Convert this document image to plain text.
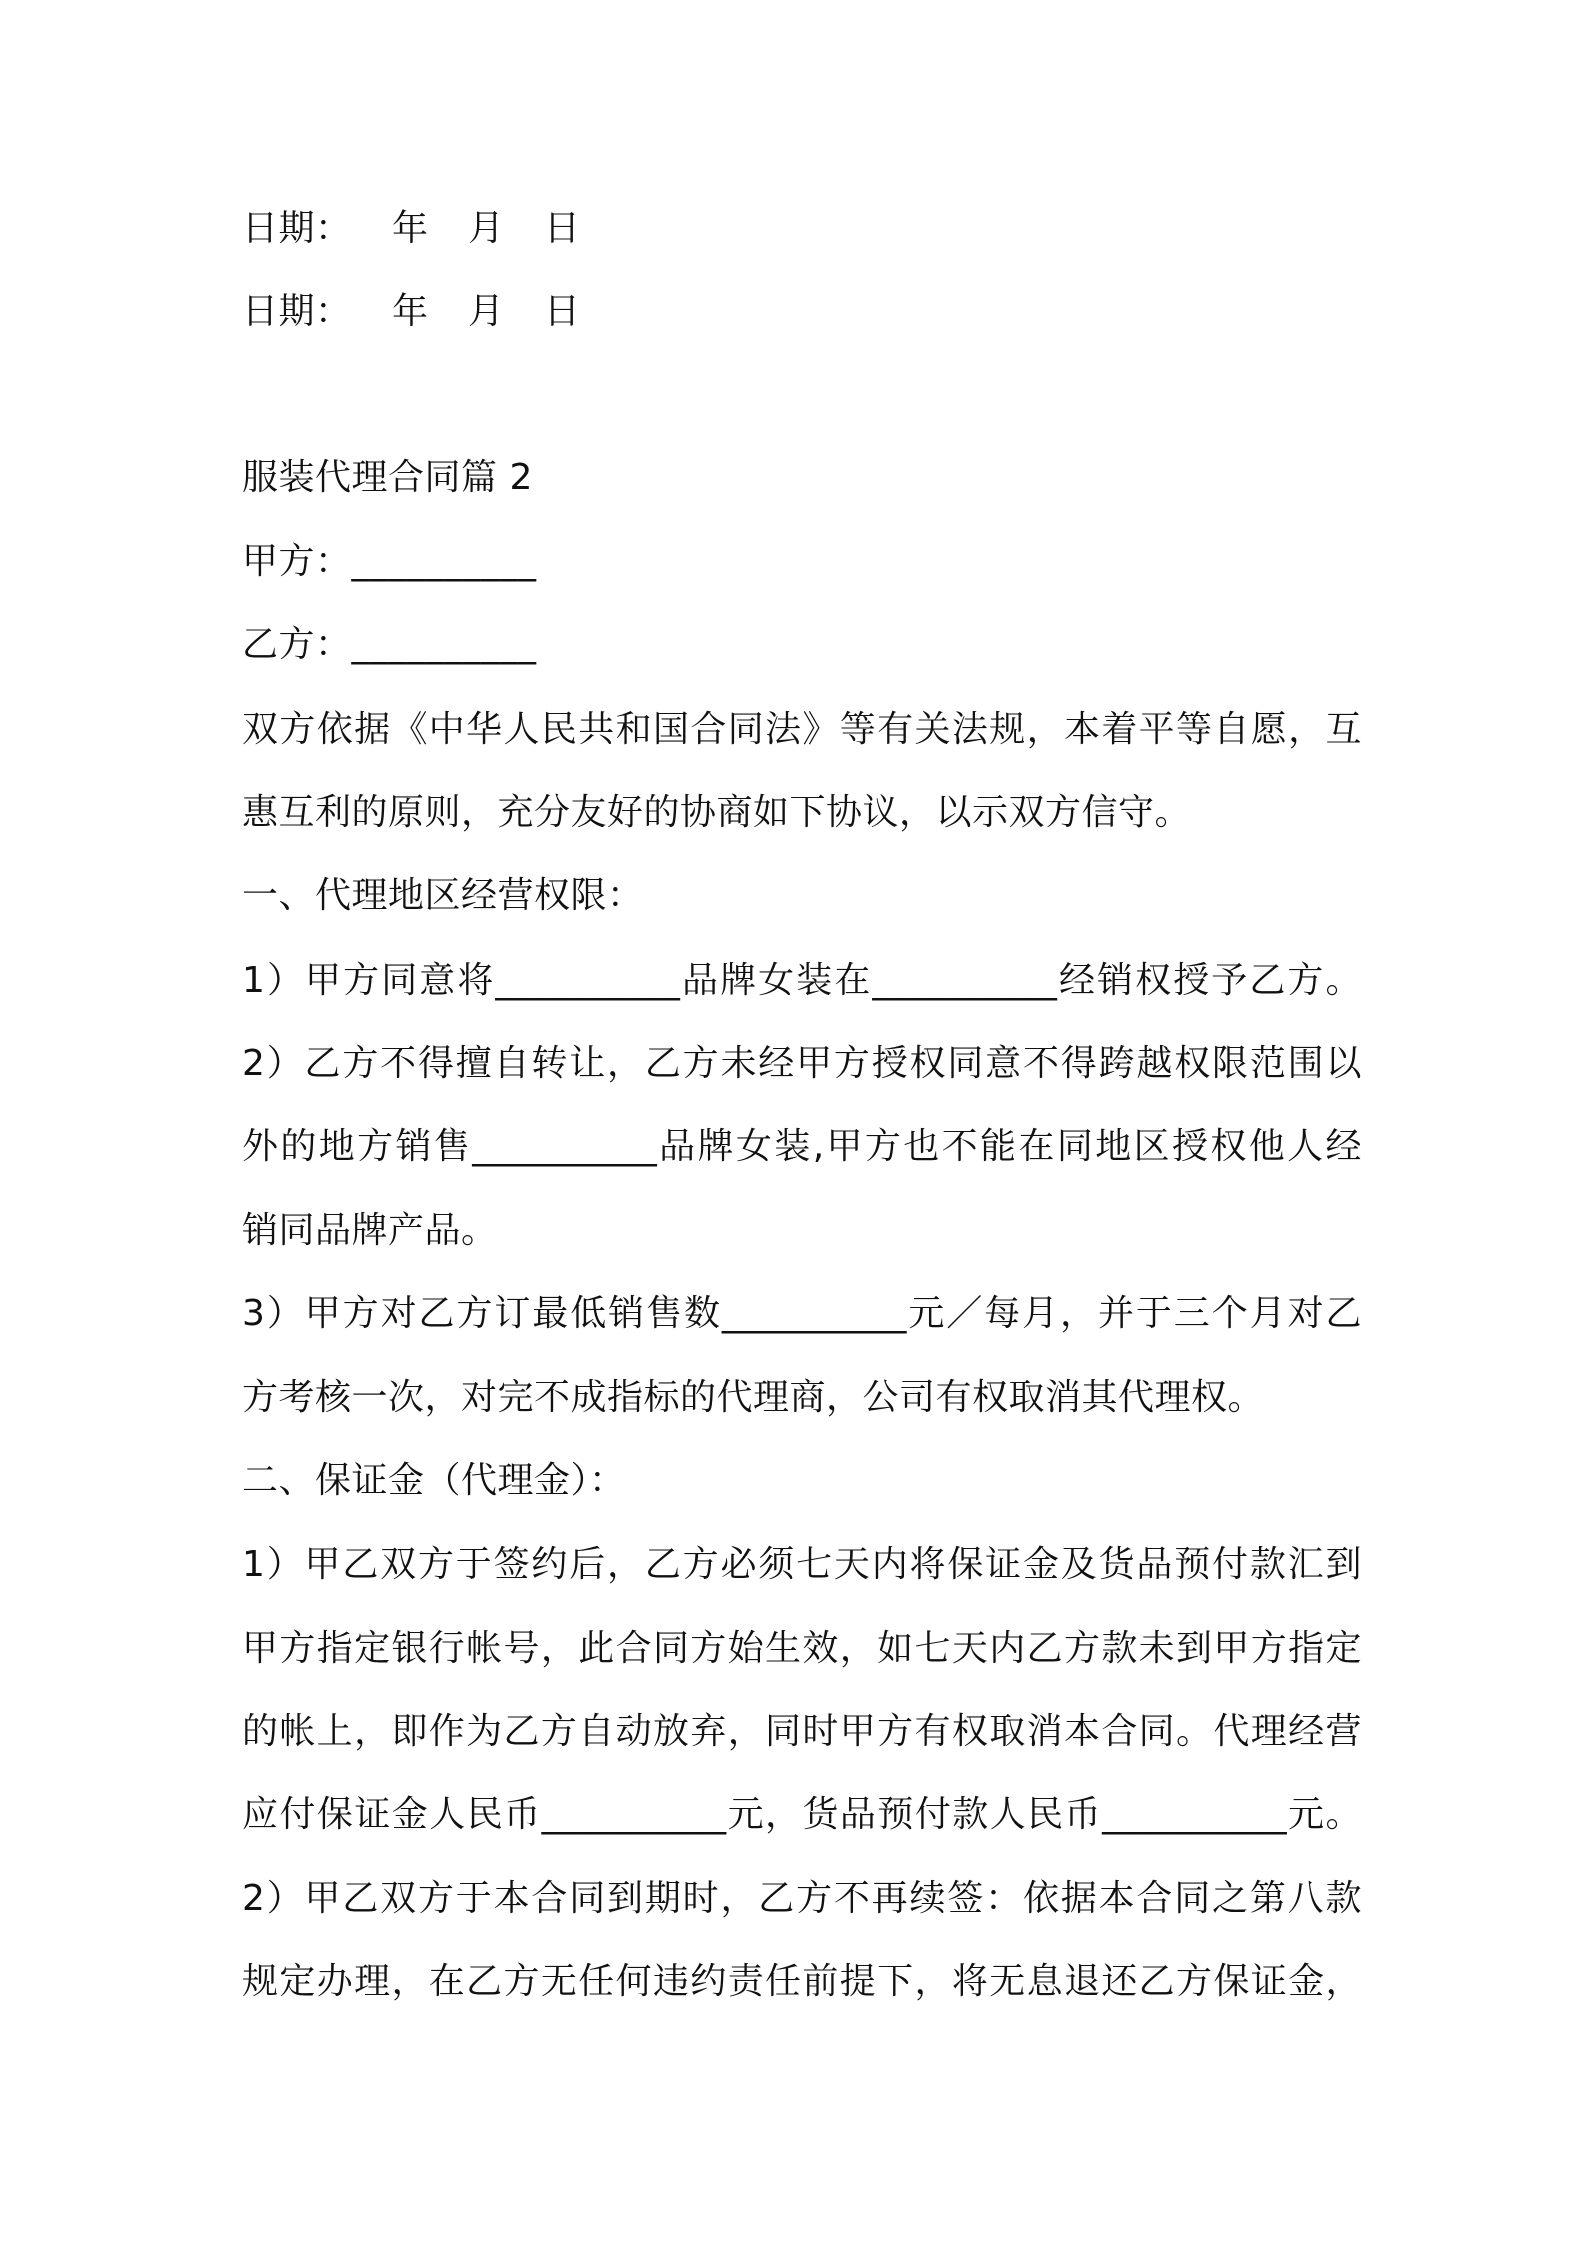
日期：	年	月	日
日期：	年	月	日
服装代理合同篇 2
甲方：__________
乙方：__________
双方依据《中华人民共和国合同法》等有关法规，本着平等自愿，互
惠互利的原则，充分友好的协商如下协议，以示双方信守。
一、代理地区经营权限：
1）甲方同意将__________品牌女装在__________经销权授予乙方。
2）乙方不得擅自转让，乙方未经甲方授权同意不得跨越权限范围以
外的地方销售__________品牌女装,甲方也不能在同地区授权他人经
销同品牌产品。
3）甲方对乙方订最低销售数__________元／每月，并于三个月对乙
方考核一次，对完不成指标的代理商，公司有权取消其代理权。
二、保证金（代理金）：
1）甲乙双方于签约后，乙方必须七天内将保证金及货品预付款汇到
甲方指定银行帐号，此合同方始生效，如七天内乙方款未到甲方指定
的帐上，即作为乙方自动放弃，同时甲方有权取消本合同。代理经营
应付保证金人民币__________元，货品预付款人民币__________元。
2）甲乙双方于本合同到期时，乙方不再续签：依据本合同之第八款
规定办理，在乙方无任何违约责任前提下，将无息退还乙方保证金，
